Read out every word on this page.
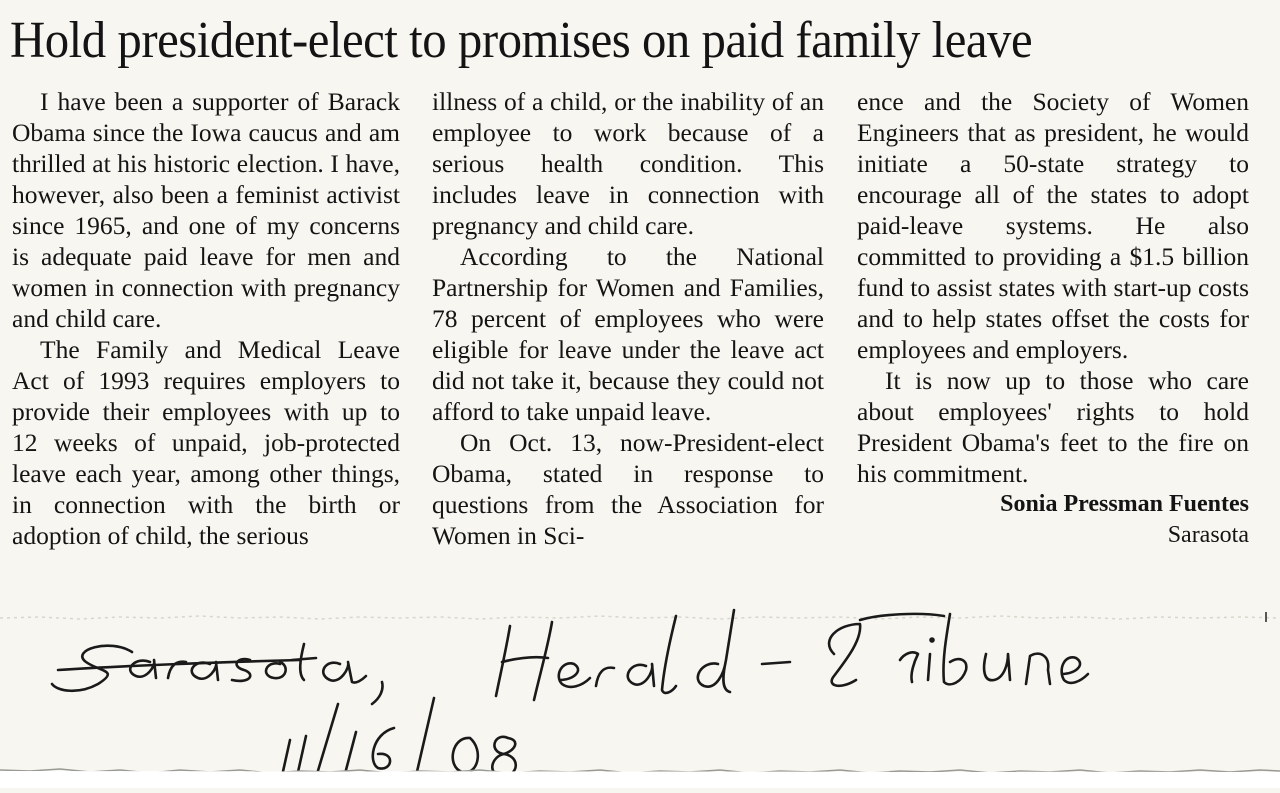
Hold president-elect to promises on paid family leave

I have been a supporter of Barack Obama since the Iowa caucus and am thrilled at his historic election. I have, however, also been a feminist activist since 1965, and one of my concerns is adequate paid leave for men and women in connection with pregnancy and child care.

The Family and Medical Leave Act of 1993 requires employers to provide their employees with up to 12 weeks of unpaid, job-protected leave each year, among other things, in connection with the birth or adoption of child, the serious

illness of a child, or the inability of an employee to work because of a serious health condition. This includes leave in connection with pregnancy and child care.

According to the National Partnership for Women and Families, 78 percent of employees who were eligible for leave under the leave act did not take it, because they could not afford to take unpaid leave.

On Oct. 13, now-President-elect Obama, stated in response to questions from the Association for Women in Sci-

ence and the Society of Women Engineers that as president, he would initiate a 50-state strategy to encourage all of the states to adopt paid-leave systems. He also committed to providing a $1.5 billion fund to assist states with start-up costs and to help states offset the costs for employees and employers.

It is now up to those who care about employees' rights to hold President Obama's feet to the fire on his commitment.

Sonia Pressman Fuentes

Sarasota

Sarasota Herald-Tribune
11/16/08
